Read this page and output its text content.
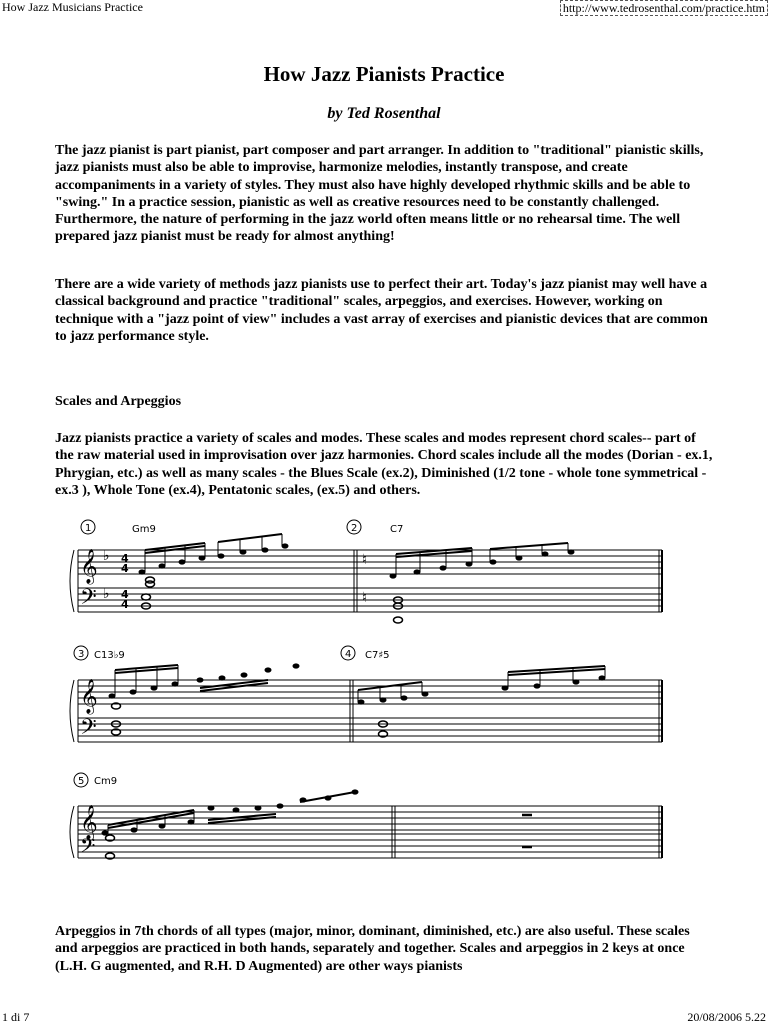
How Jazz Musicians Practice	http://www.tedrosenthal.com/practice.htm
How Jazz Pianists Practice
by Ted Rosenthal

The jazz pianist is part pianist, part composer and part arranger. In addition to "traditional" pianistic skills, jazz pianists must also be able to improvise, harmonize melodies, instantly transpose, and create accompaniments in a variety of styles. They must also have highly developed rhythmic skills and be able to "swing." In a practice session, pianistic as well as creative resources need to be constantly challenged. Furthermore, the nature of performing in the jazz world often means little or no rehearsal time. The well prepared jazz pianist must be ready for almost anything!

There are a wide variety of methods jazz pianists use to perfect their art. Today's jazz pianist may well have a classical background and practice "traditional" scales, arpeggios, and exercises. However, working on technique with a "jazz point of view" includes a vast array of exercises and pianistic devices that are common to jazz performance style.

Scales and Arpeggios

Jazz pianists practice a variety of scales and modes. These scales and modes represent chord scales-- part of the raw material used in improvisation over jazz harmonies. Chord scales include all the modes (Dorian - ex.1, Phrygian, etc.) as well as many scales - the Blues Scale (ex.2), Diminished (1/2 tone - whole tone symmetrical -ex.3 ), Whole Tone (ex.4), Pentatonic scales, (ex.5) and others.

𝄞
𝄢
𝄞
𝄢
𝄞
𝄢
4
4
4
4
♭
♭
♮
♮
1	2
3	4
5
Gm9	C7
C13♭9	C7♯5
Cm9

Arpeggios in 7th chords of all types (major, minor, dominant, diminished, etc.) are also useful. These scales and arpeggios are practiced in both hands, separately and together. Scales and arpeggios in 2 keys at once (L.H. G augmented, and R.H. D Augmented) are other ways pianists

1 di 7	20/08/2006 5.22
